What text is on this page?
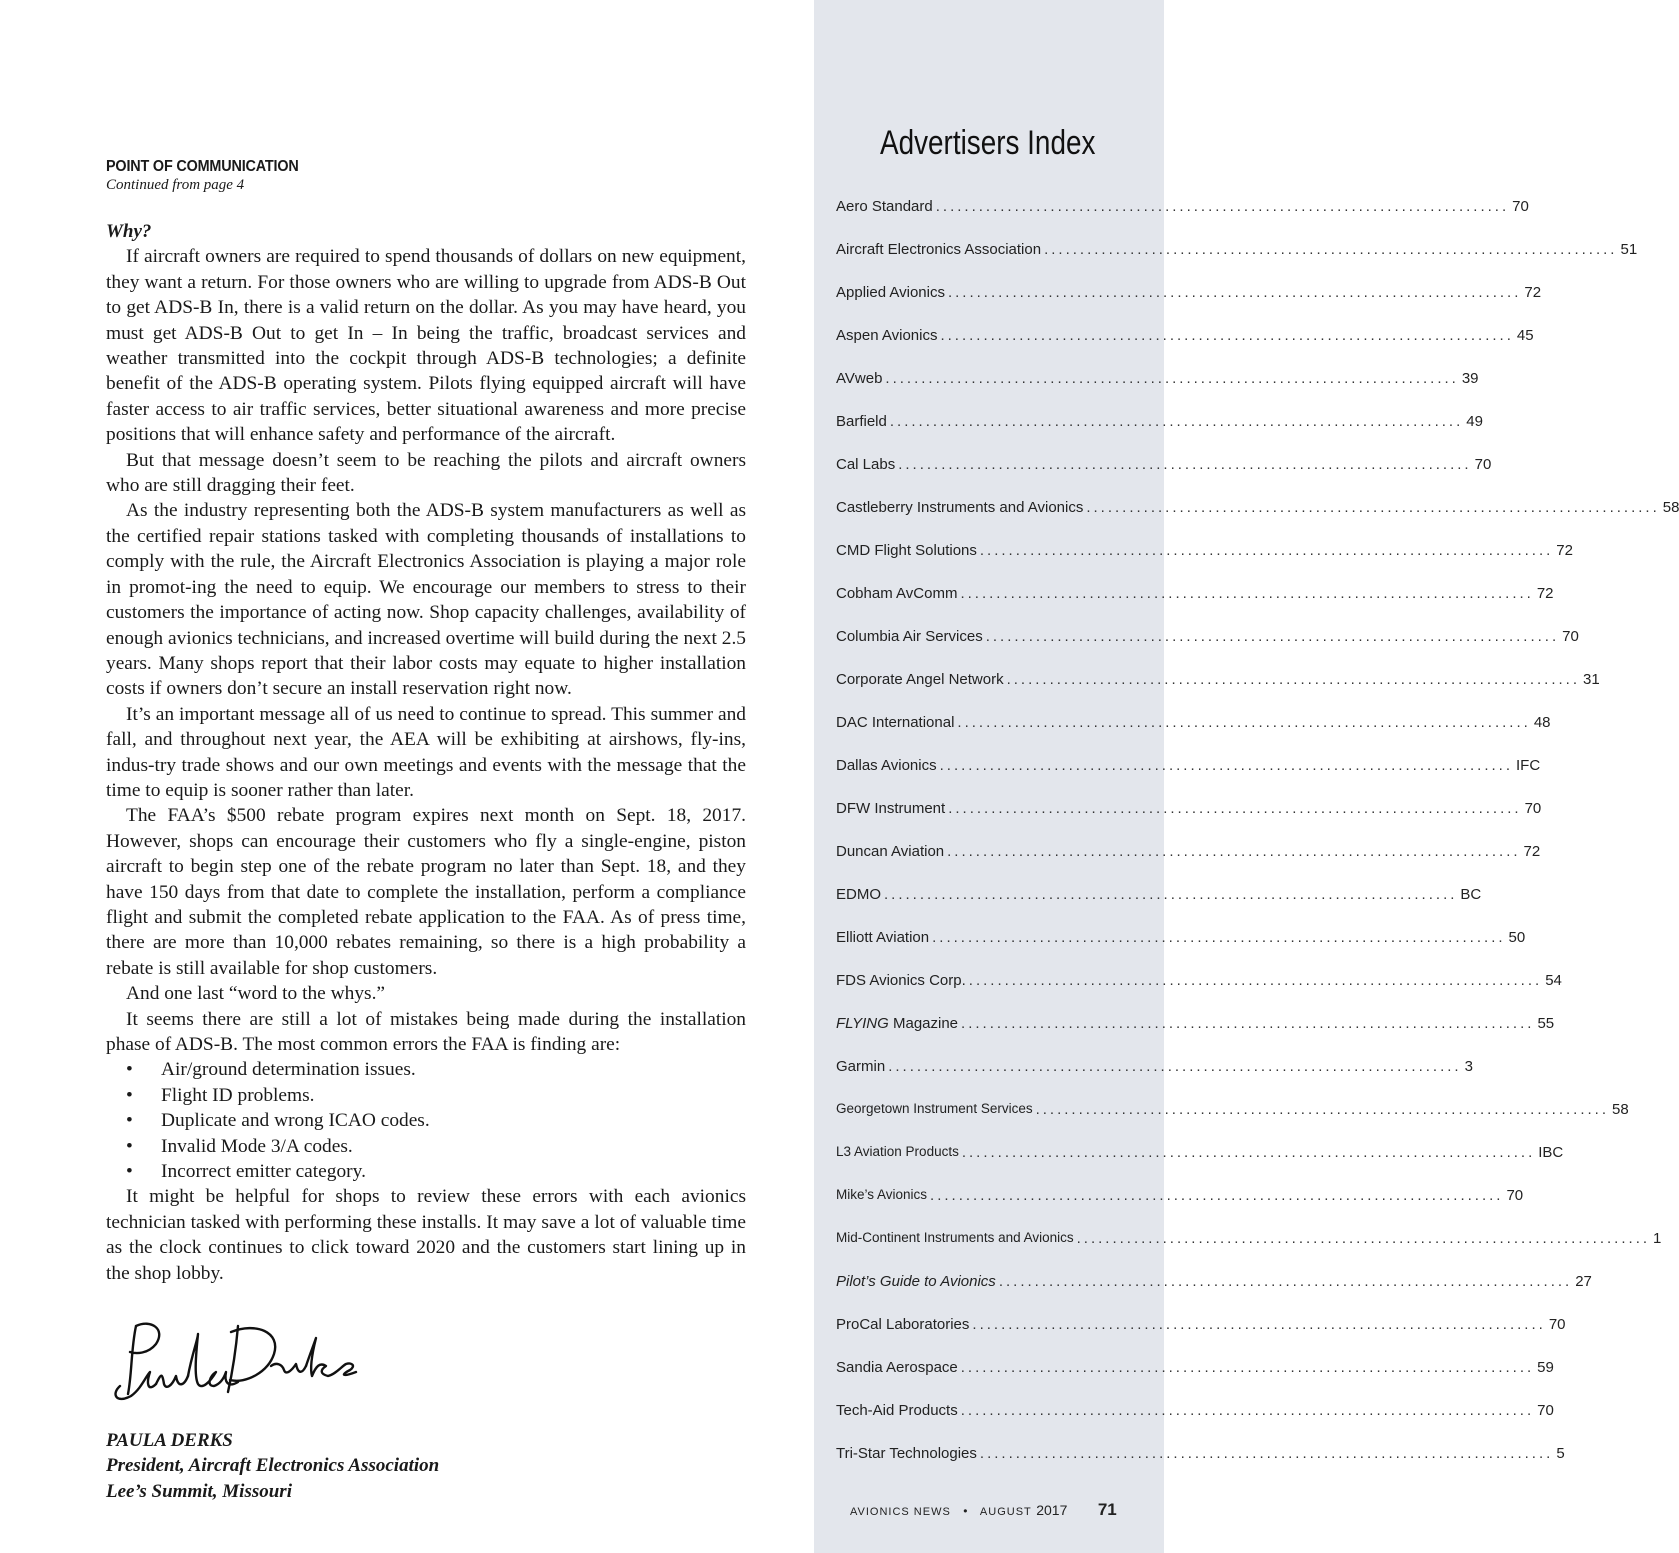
POINT OF COMMUNICATION
Continued from page 4
Why?

If aircraft owners are required to spend thousands of dollars on new equipment, they want a return. For those owners who are willing to upgrade from ADS-B Out to get ADS-B In, there is a valid return on the dollar. As you may have heard, you must get ADS-B Out to get In – In being the traffic, broadcast services and weather transmitted into the cockpit through ADS-B technologies; a definite benefit of the ADS-B operating system. Pilots flying equipped aircraft will have faster access to air traffic services, better situational awareness and more precise positions that will enhance safety and performance of the aircraft.

But that message doesn’t seem to be reaching the pilots and aircraft owners who are still dragging their feet.

As the industry representing both the ADS-B system manufacturers as well as the certified repair stations tasked with completing thousands of installations to comply with the rule, the Aircraft Electronics Association is playing a major role in promot-ing the need to equip. We encourage our members to stress to their customers the importance of acting now. Shop capacity challenges, availability of enough avionics technicians, and increased overtime will build during the next 2.5 years. Many shops report that their labor costs may equate to higher installation costs if owners don’t secure an install reservation right now.

It’s an important message all of us need to continue to spread. This summer and fall, and throughout next year, the AEA will be exhibiting at airshows, fly-ins, indus-try trade shows and our own meetings and events with the message that the time to equip is sooner rather than later.

The FAA’s $500 rebate program expires next month on Sept. 18, 2017. However, shops can encourage their customers who fly a single-engine, piston aircraft to begin step one of the rebate program no later than Sept. 18, and they have 150 days from that date to complete the installation, perform a compliance flight and submit the completed rebate application to the FAA. As of press time, there are more than 10,000 rebates remaining, so there is a high probability a rebate is still available for shop customers.

And one last “word to the whys.”

It seems there are still a lot of mistakes being made during the installation phase of ADS-B. The most common errors the FAA is finding are:

• Air/ground determination issues.
• Flight ID problems.
• Duplicate and wrong ICAO codes.
• Invalid Mode 3/A codes.
• Incorrect emitter category.

It might be helpful for shops to review these errors with each avionics technician tasked with performing these installs. It may save a lot of valuable time as the clock continues to click toward 2020 and the customers start lining up in the shop lobby.

PAULA DERKS
President, Aircraft Electronics Association
Lee’s Summit, Missouri
Advertisers Index
Aero Standard ................................................................................ 70
Aircraft Electronics Association ................................................................................ 51
Applied Avionics ................................................................................ 72
Aspen Avionics ................................................................................ 45
AVweb ................................................................................ 39
Barfield ................................................................................ 49
Cal Labs ................................................................................ 70
Castleberry Instruments and Avionics ................................................................................ 58
CMD Flight Solutions ................................................................................ 72
Cobham AvComm ................................................................................ 72
Columbia Air Services ................................................................................ 70
Corporate Angel Network ................................................................................ 31
DAC International ................................................................................ 48
Dallas Avionics ................................................................................ IFC
DFW Instrument ................................................................................ 70
Duncan Aviation ................................................................................ 72
EDMO ................................................................................ BC
Elliott Aviation ................................................................................ 50
FDS Avionics Corp. ................................................................................ 54
FLYING Magazine ................................................................................ 55
Garmin ................................................................................ 3
Georgetown Instrument Services ................................................................................ 58
L3 Aviation Products ................................................................................ IBC
Mike’s Avionics ................................................................................ 70
Mid-Continent Instruments and Avionics ................................................................................ 1
Pilot’s Guide to Avionics ................................................................................ 27
ProCal Laboratories ................................................................................ 70
Sandia Aerospace ................................................................................ 59
Tech-Aid Products ................................................................................ 70
Tri-Star Technologies ................................................................................ 5
AVIONICS NEWS • AUGUST 2017 71
